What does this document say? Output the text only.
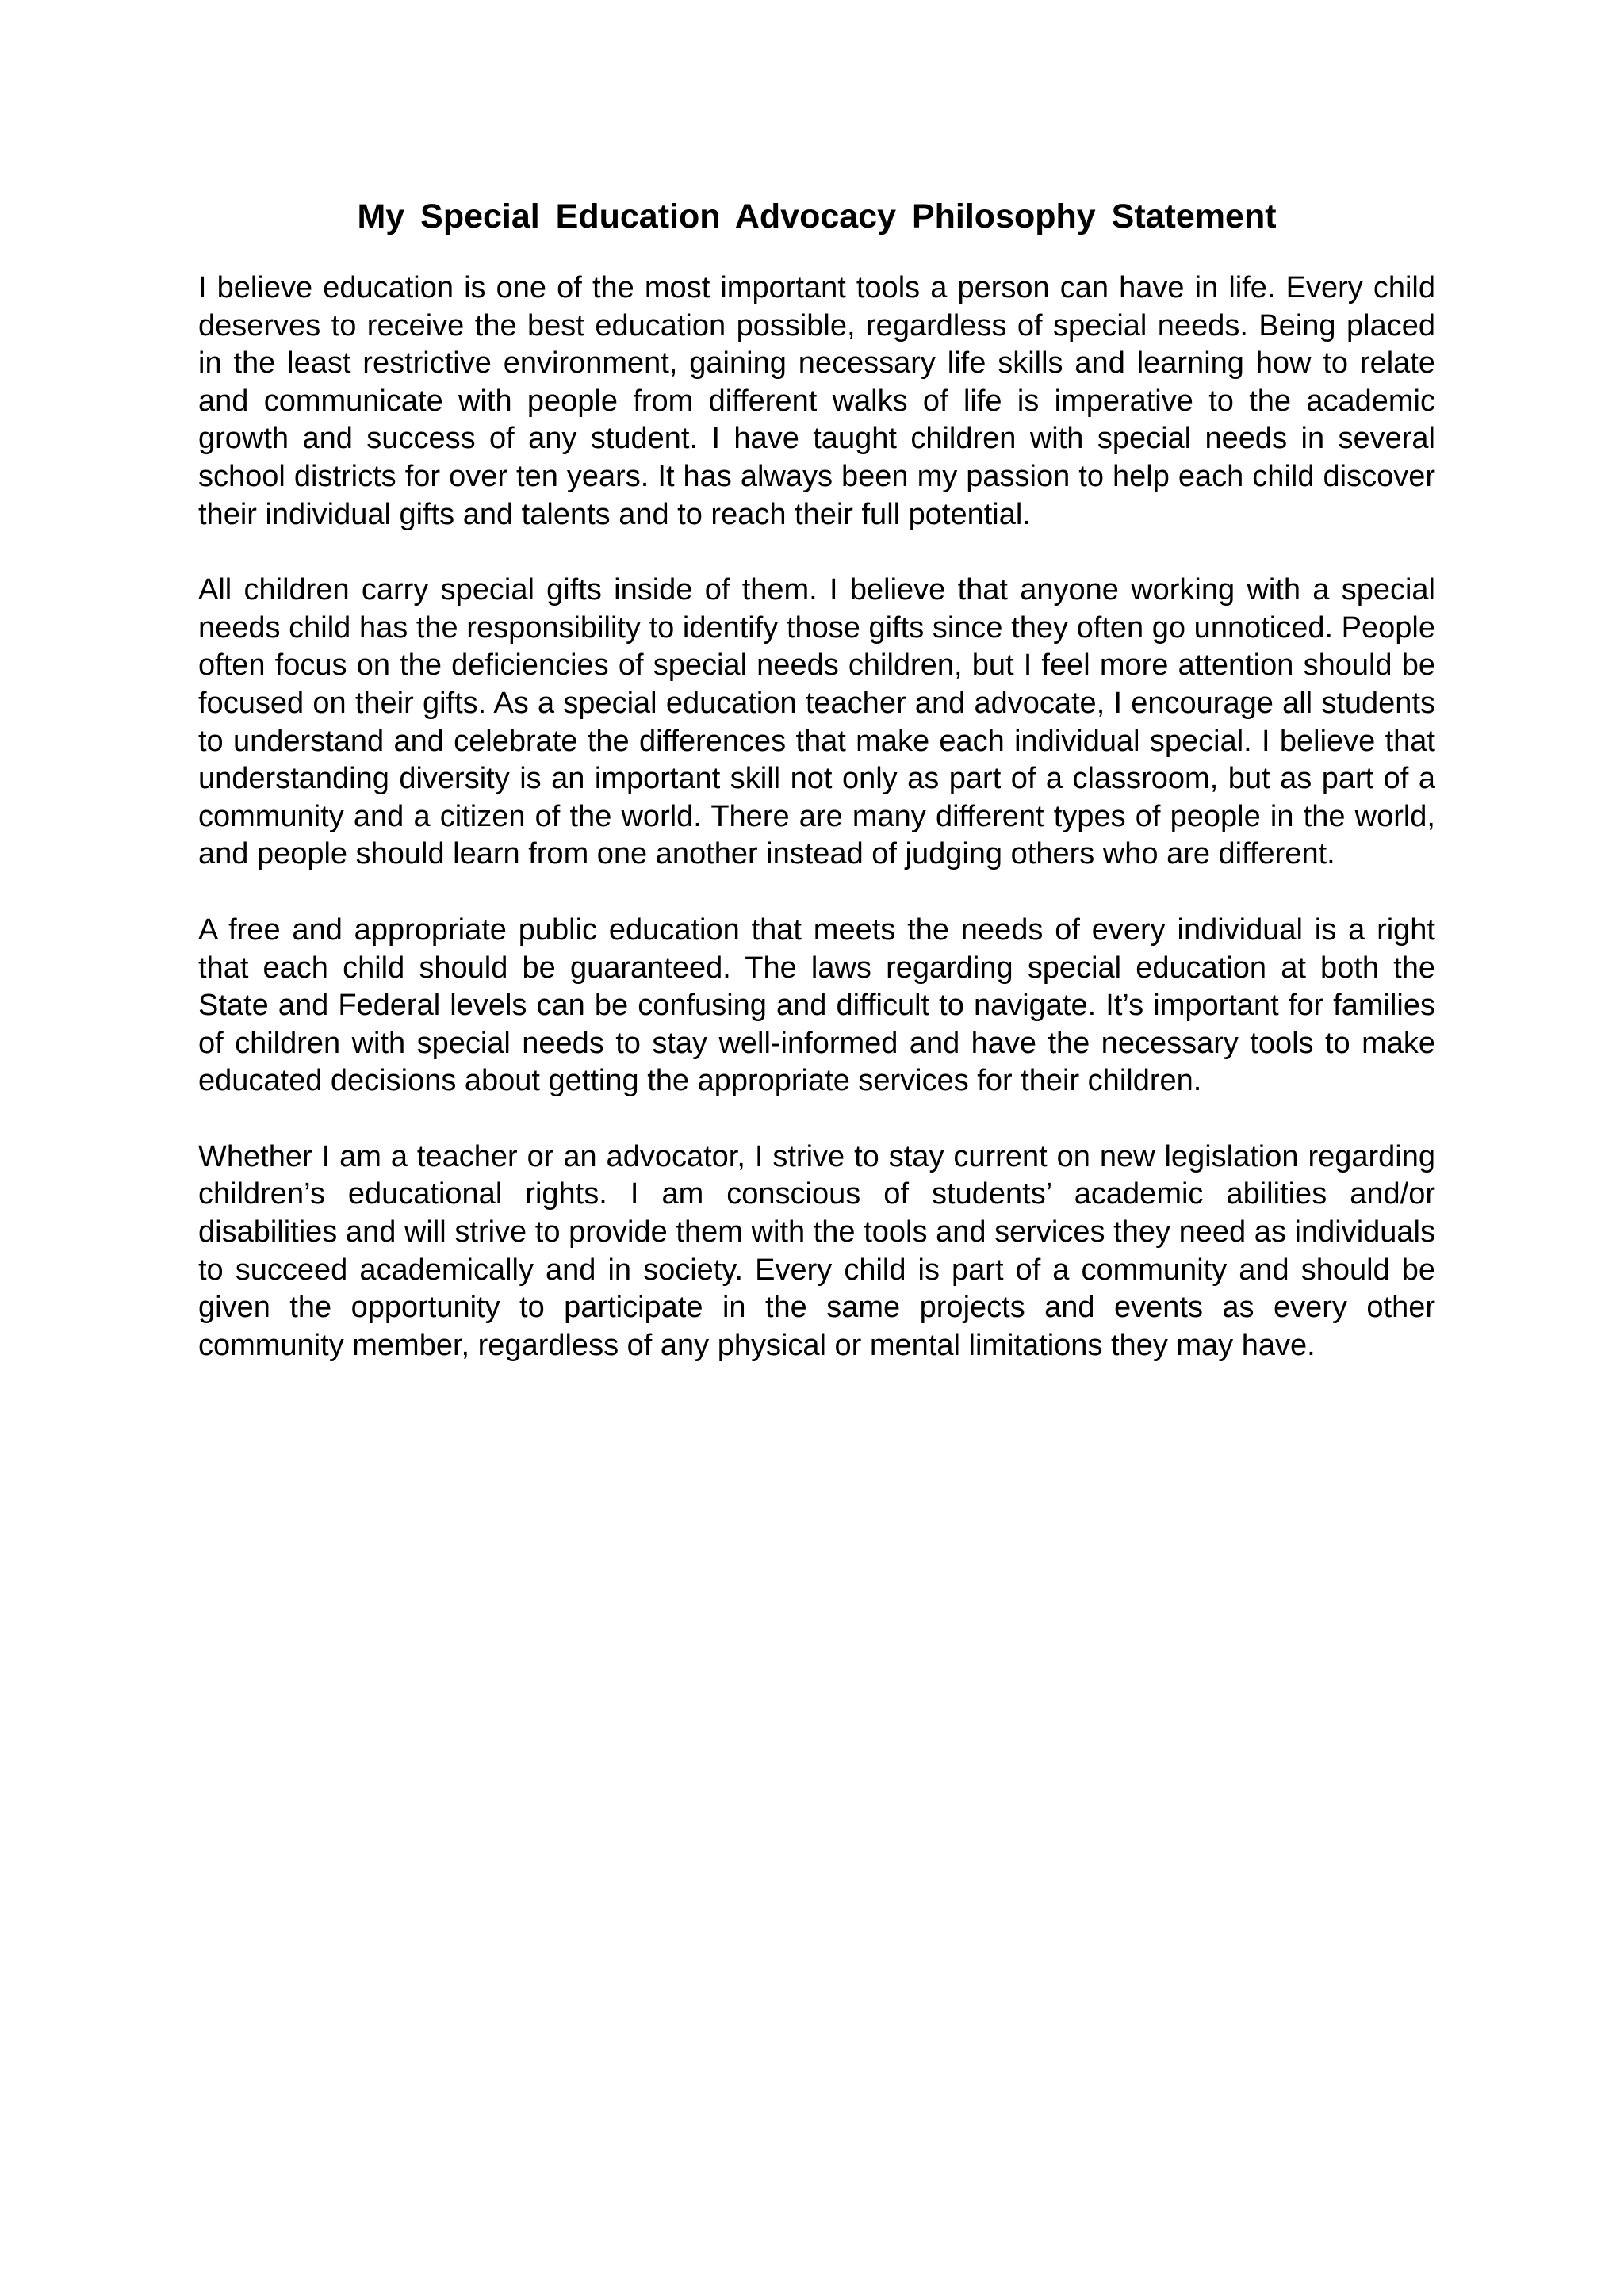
My Special Education Advocacy Philosophy Statement

I believe education is one of the most important tools a person can have in life. Every child deserves to receive the best education possible, regardless of special needs. Being placed in the least restrictive environment, gaining necessary life skills and learning how to relate and communicate with people from different walks of life is imperative to the academic growth and success of any student. I have taught children with special needs in several school districts for over ten years. It has always been my passion to help each child discover their individual gifts and talents and to reach their full potential.

All children carry special gifts inside of them. I believe that anyone working with a special needs child has the responsibility to identify those gifts since they often go unnoticed. People often focus on the deficiencies of special needs children, but I feel more attention should be focused on their gifts. As a special education teacher and advocate, I encourage all students to understand and celebrate the differences that make each individual special. I believe that understanding diversity is an important skill not only as part of a classroom, but as part of a community and a citizen of the world. There are many different types of people in the world, and people should learn from one another instead of judging others who are different.

A free and appropriate public education that meets the needs of every individual is a right that each child should be guaranteed. The laws regarding special education at both the State and Federal levels can be confusing and difficult to navigate. It’s important for families of children with special needs to stay well-informed and have the necessary tools to make educated decisions about getting the appropriate services for their children.

Whether I am a teacher or an advocator, I strive to stay current on new legislation regarding children’s educational rights. I am conscious of students’ academic abilities and/or disabilities and will strive to provide them with the tools and services they need as individuals to succeed academically and in society. Every child is part of a community and should be given the opportunity to participate in the same projects and events as every other community member, regardless of any physical or mental limitations they may have.
